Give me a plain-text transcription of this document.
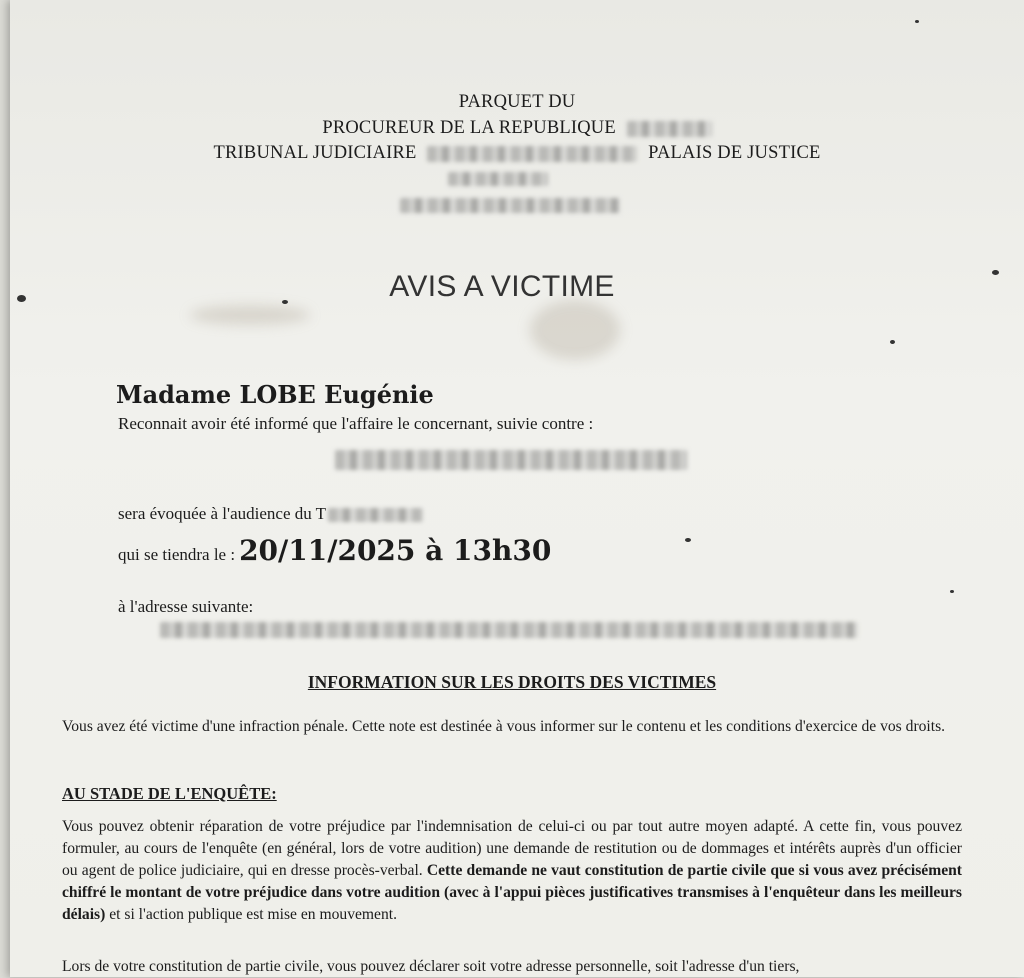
PARQUET DU
PROCUREUR DE LA REPUBLIQUE
TRIBUNAL JUDICIAIRE	PALAIS DE JUSTICE
AVIS A VICTIME
Madame LOBE Eugénie
Reconnait avoir été informé que l'affaire le concernant, suivie contre :
sera évoquée à l'audience du T
qui se tiendra le : 20/11/2025 à 13h30
à l'adresse suivante:
INFORMATION SUR LES DROITS DES VICTIMES
Vous avez été victime d'une infraction pénale. Cette note est destinée à vous informer sur le contenu et les conditions d'exercice de vos droits.
AU STADE DE L'ENQUÊTE:
Vous pouvez obtenir réparation de votre préjudice par l'indemnisation de celui-ci ou par tout autre moyen adapté. A cette fin, vous pouvez formuler, au cours de l'enquête (en général, lors de votre audition) une demande de restitution ou de dommages et intérêts auprès d'un officier ou agent de police judiciaire, qui en dresse procès-verbal. Cette demande ne vaut constitution de partie civile que si vous avez précisément chiffré le montant de votre préjudice dans votre audition (avec à l'appui pièces justificatives transmises à l'enquêteur dans les meilleurs délais) et si l'action publique est mise en mouvement.
Lors de votre constitution de partie civile, vous pouvez déclarer soit votre adresse personnelle, soit l'adresse d'un tiers,
